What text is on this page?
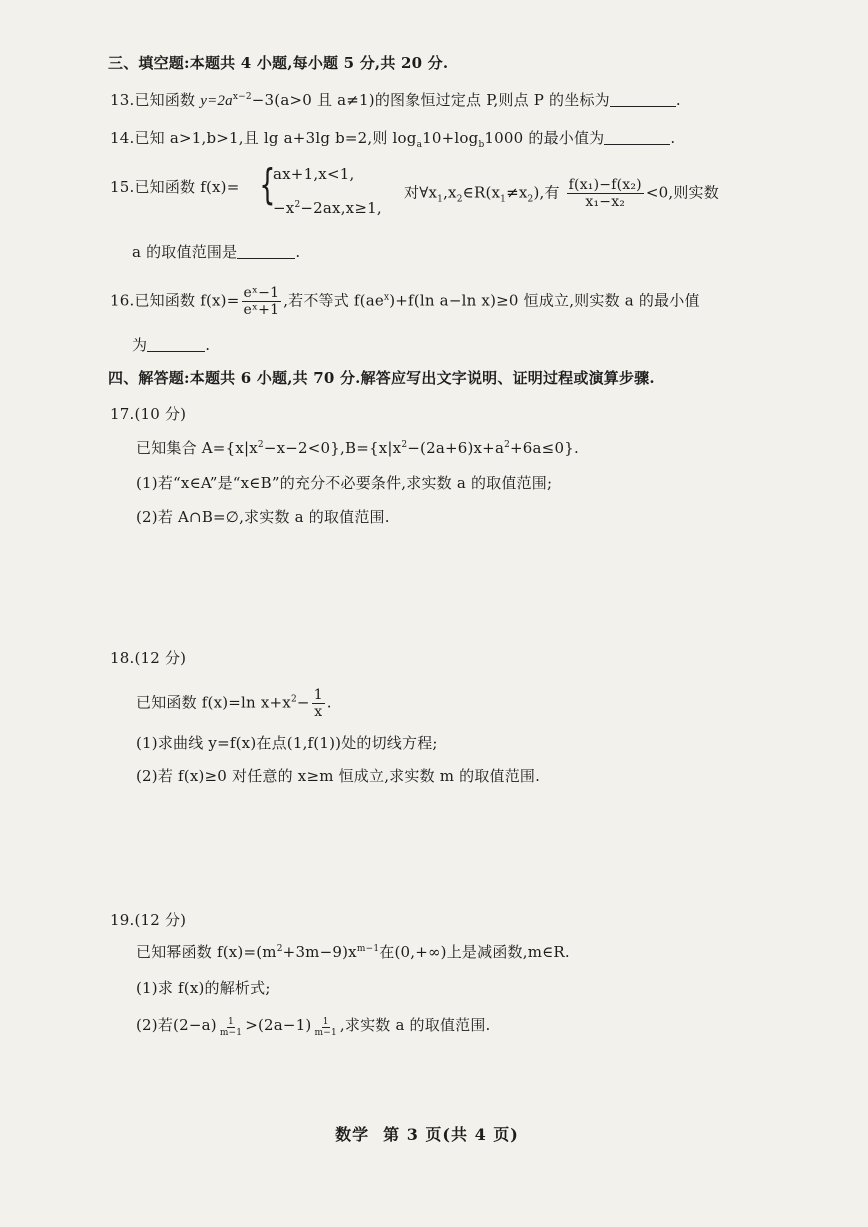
三、填空题:本题共 4 小题,每小题 5 分,共 20 分.
13.已知函数 $y=2a^{x-2}-3(a>0$ 且 a≠1)的图象恒过定点 P,则点 P 的坐标为	.
14.已知 a>1,b>1,且 lg a+3lg b=2,则 $\log_a10+\log_b1000$ 的最小值为	.
15.已知函数 f(x)= {
ax+1,x<1,
$-x^2-2ax,x\ge 1$,
对$\forall x_1,x_2\in R(x_1\ne x_2)$,有 $\frac{\text{f(x₁)−f(x₂)}}{\text{x₁−x₂}} <0$,则实数
a 的取值范围是	.
16.已知函数 $f(x)= \frac{\text{eˣ−1}}{\text{eˣ+1}}$ ,若不等式 $f(ae^x)+f(\ln$ a−ln x)≥0 恒成立,则实数 a 的最小值
为	.
四、解答题:本题共 6 小题,共 70 分.解答应写出文字说明、证明过程或演算步骤.
17.(10 分)
已知集合 $A=\{x|x^2-x-2<0\},B=\{x|x^2-(2a+6)x+a^2+6a\le 0\}$.
(1)若“x∈A”是“x∈B”的充分不必要条件,求实数 a 的取值范围;
(2)若 A∩B=∅,求实数 a 的取值范围.
18.(12 分)
已知函数 f(x)=ln $x+x^2- \frac{1}{x}$ .
(1)求曲线 y=f(x)在点(1,f(1))处的切线方程;
(2)若 f(x)≥0 对任意的 x≥m 恒成立,求实数 m 的取值范围.
19.(12 分)
已知幂函数 $f(x)=(m^2+3m-9)x^{m-1}$在(0,+∞)上是减函数,m∈R.
(1)求 f(x)的解析式;
(2)若$(2-a) \frac{1}{m-1} >(2a-1) \frac{1}{m-1}$ ,求实数 a 的取值范围.
数学 第 3 页(共 4 页)
